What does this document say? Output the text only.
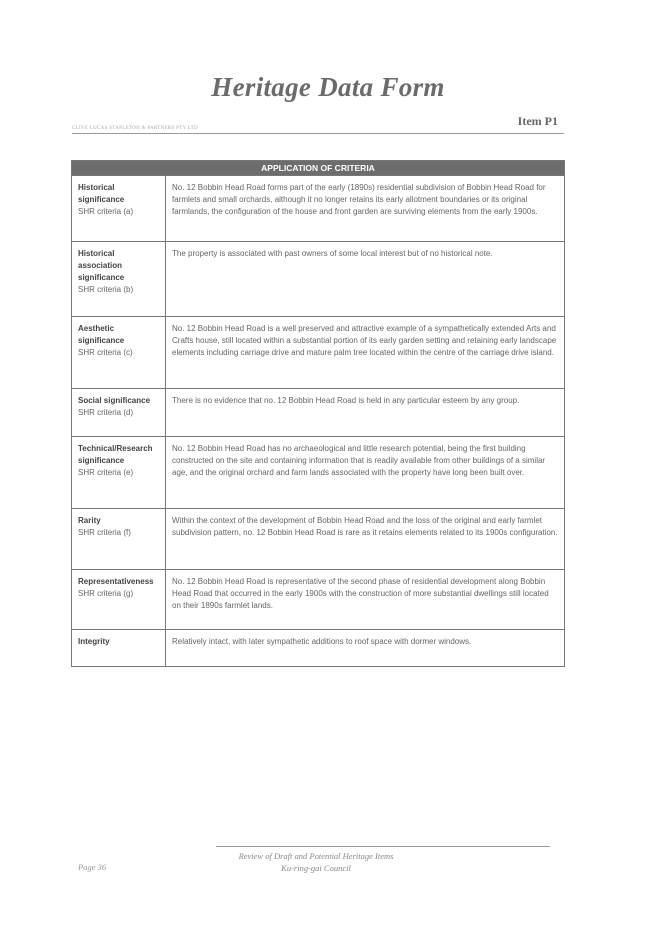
Heritage Data Form
Item P1
CLIVE LUCAS STAPLETON & PARTNERS PTY LTD
APPLICATION OF CRITERIA	

Historical significance
SHR criteria (a)	No. 12 Bobbin Head Road forms part of the early (1890s) residential subdivision of Bobbin Head Road for farmlets and small orchards, although it no longer retains its early allotment boundaries or its original farmlands, the configuration of the house and front garden are surviving elements from the early 1900s.

Historical association significance
SHR criteria (b)	The property is associated with past owners of some local interest but of no historical note.

Aesthetic significance
SHR criteria (c)	No. 12 Bobbin Head Road is a well preserved and attractive example of a sympathetically extended Arts and Crafts house, still located within a substantial portion of its early garden setting and retaining early landscape elements including carriage drive and mature palm tree located within the centre of the carriage drive island.

Social significance
SHR criteria (d)	There is no evidence that no. 12 Bobbin Head Road is held in any particular esteem by any group.

Technical/Research significance
SHR criteria (e)	No. 12 Bobbin Head Road has no archaeological and little research potential, being the first building constructed on the site and containing information that is readily available from other buildings of a similar age, and the original orchard and farm lands associated with the property have long been built over.

Rarity
SHR criteria (f)	Within the context of the development of Bobbin Head Road and the loss of the original and early farmlet subdivision pattern, no. 12 Bobbin Head Road is rare as it retains elements related to its 1900s configuration.

Representativeness
SHR criteria (g)	No. 12 Bobbin Head Road is representative of the second phase of residential development along Bobbin Head Road that occurred in the early 1900s with the construction of more substantial dwellings still located on their 1890s farmlet lands.

Integrity	Relatively intact, with later sympathetic additions to roof space with dormer windows.
Review of Draft and Potential Heritage Items
Ku-ring-gai Council
Page 36
